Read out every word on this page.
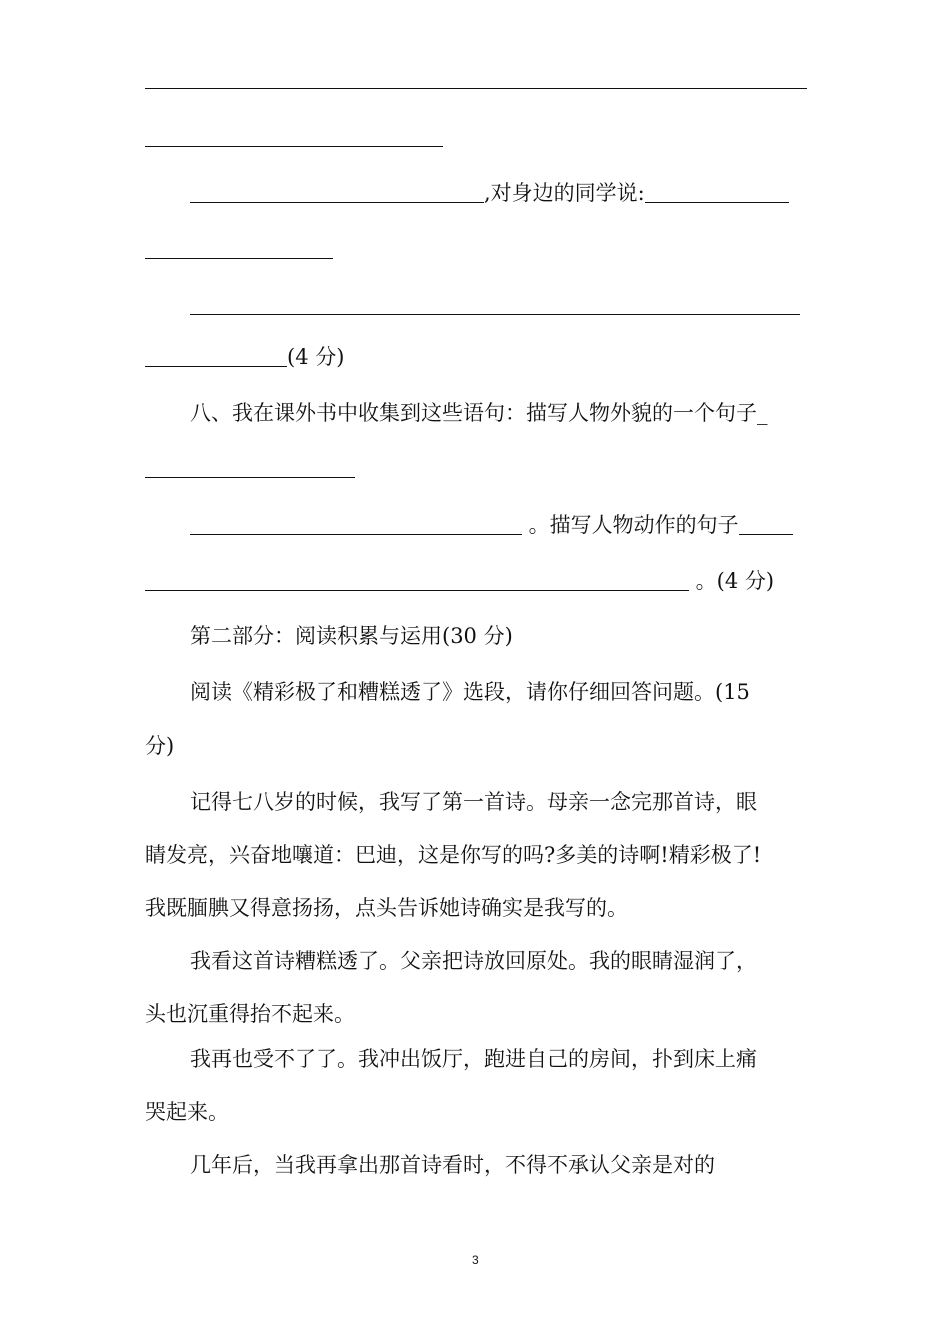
,对身边的同学说:
(4 分)
八、我在课外书中收集到这些语句：描写人物外貌的一个句子_
。描写人物动作的句子
。(4 分)
第二部分：阅读积累与运用(30 分)
阅读《精彩极了和糟糕透了》选段，请你仔细回答问题。(15
分)
记得七八岁的时候，我写了第一首诗。母亲一念完那首诗，眼
睛发亮，兴奋地嚷道：巴迪，这是你写的吗?多美的诗啊!精彩极了!
我既腼腆又得意扬扬，点头告诉她诗确实是我写的。
我看这首诗糟糕透了。父亲把诗放回原处。我的眼睛湿润了，
头也沉重得抬不起来。
我再也受不了了。我冲出饭厅，跑进自己的房间，扑到床上痛
哭起来。
几年后，当我再拿出那首诗看时，不得不承认父亲是对的
3
